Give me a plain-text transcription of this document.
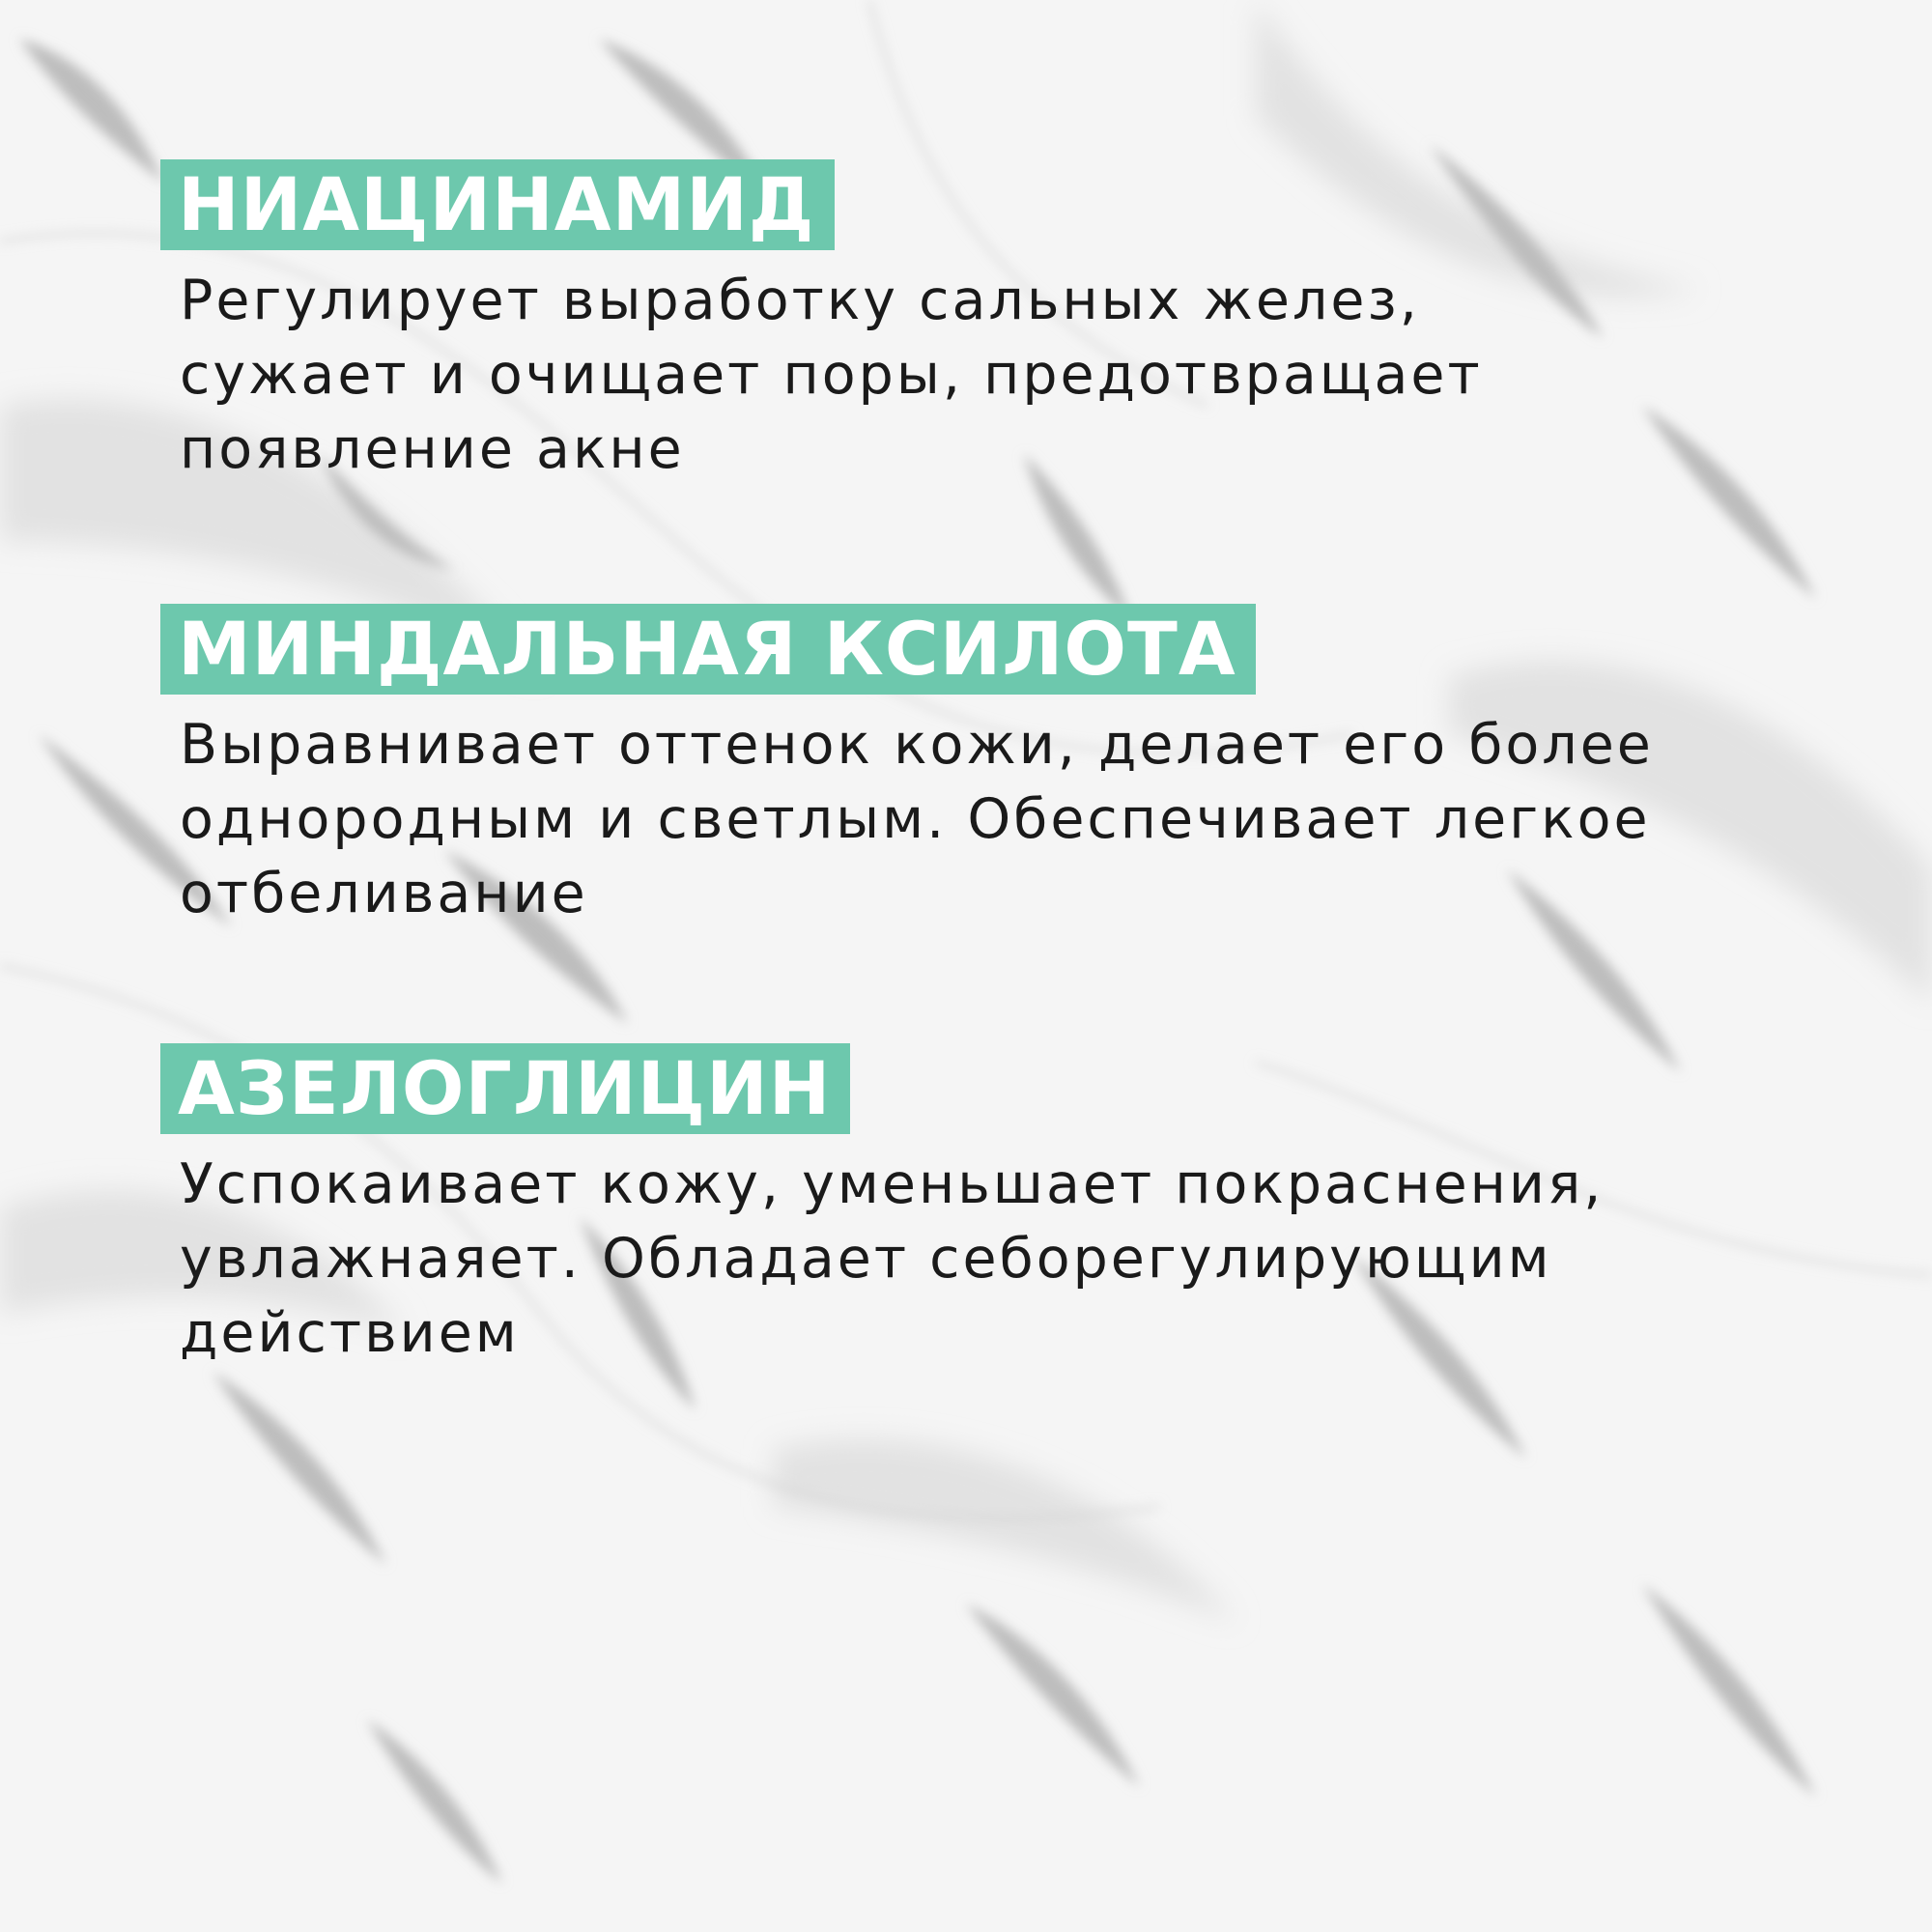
НИАЦИНАМИД
Регулирует выработку сальных желез,
сужает и очищает поры, предотвращает
появление акне
МИНДАЛЬНАЯ КСИЛОТА
Выравнивает оттенок кожи, делает его более
однородным и светлым. Обеспечивает легкое
отбеливание
АЗЕЛОГЛИЦИН
Успокаивает кожу, уменьшает покраснения,
увлажнаяет. Обладает себорегулирующим
действием
